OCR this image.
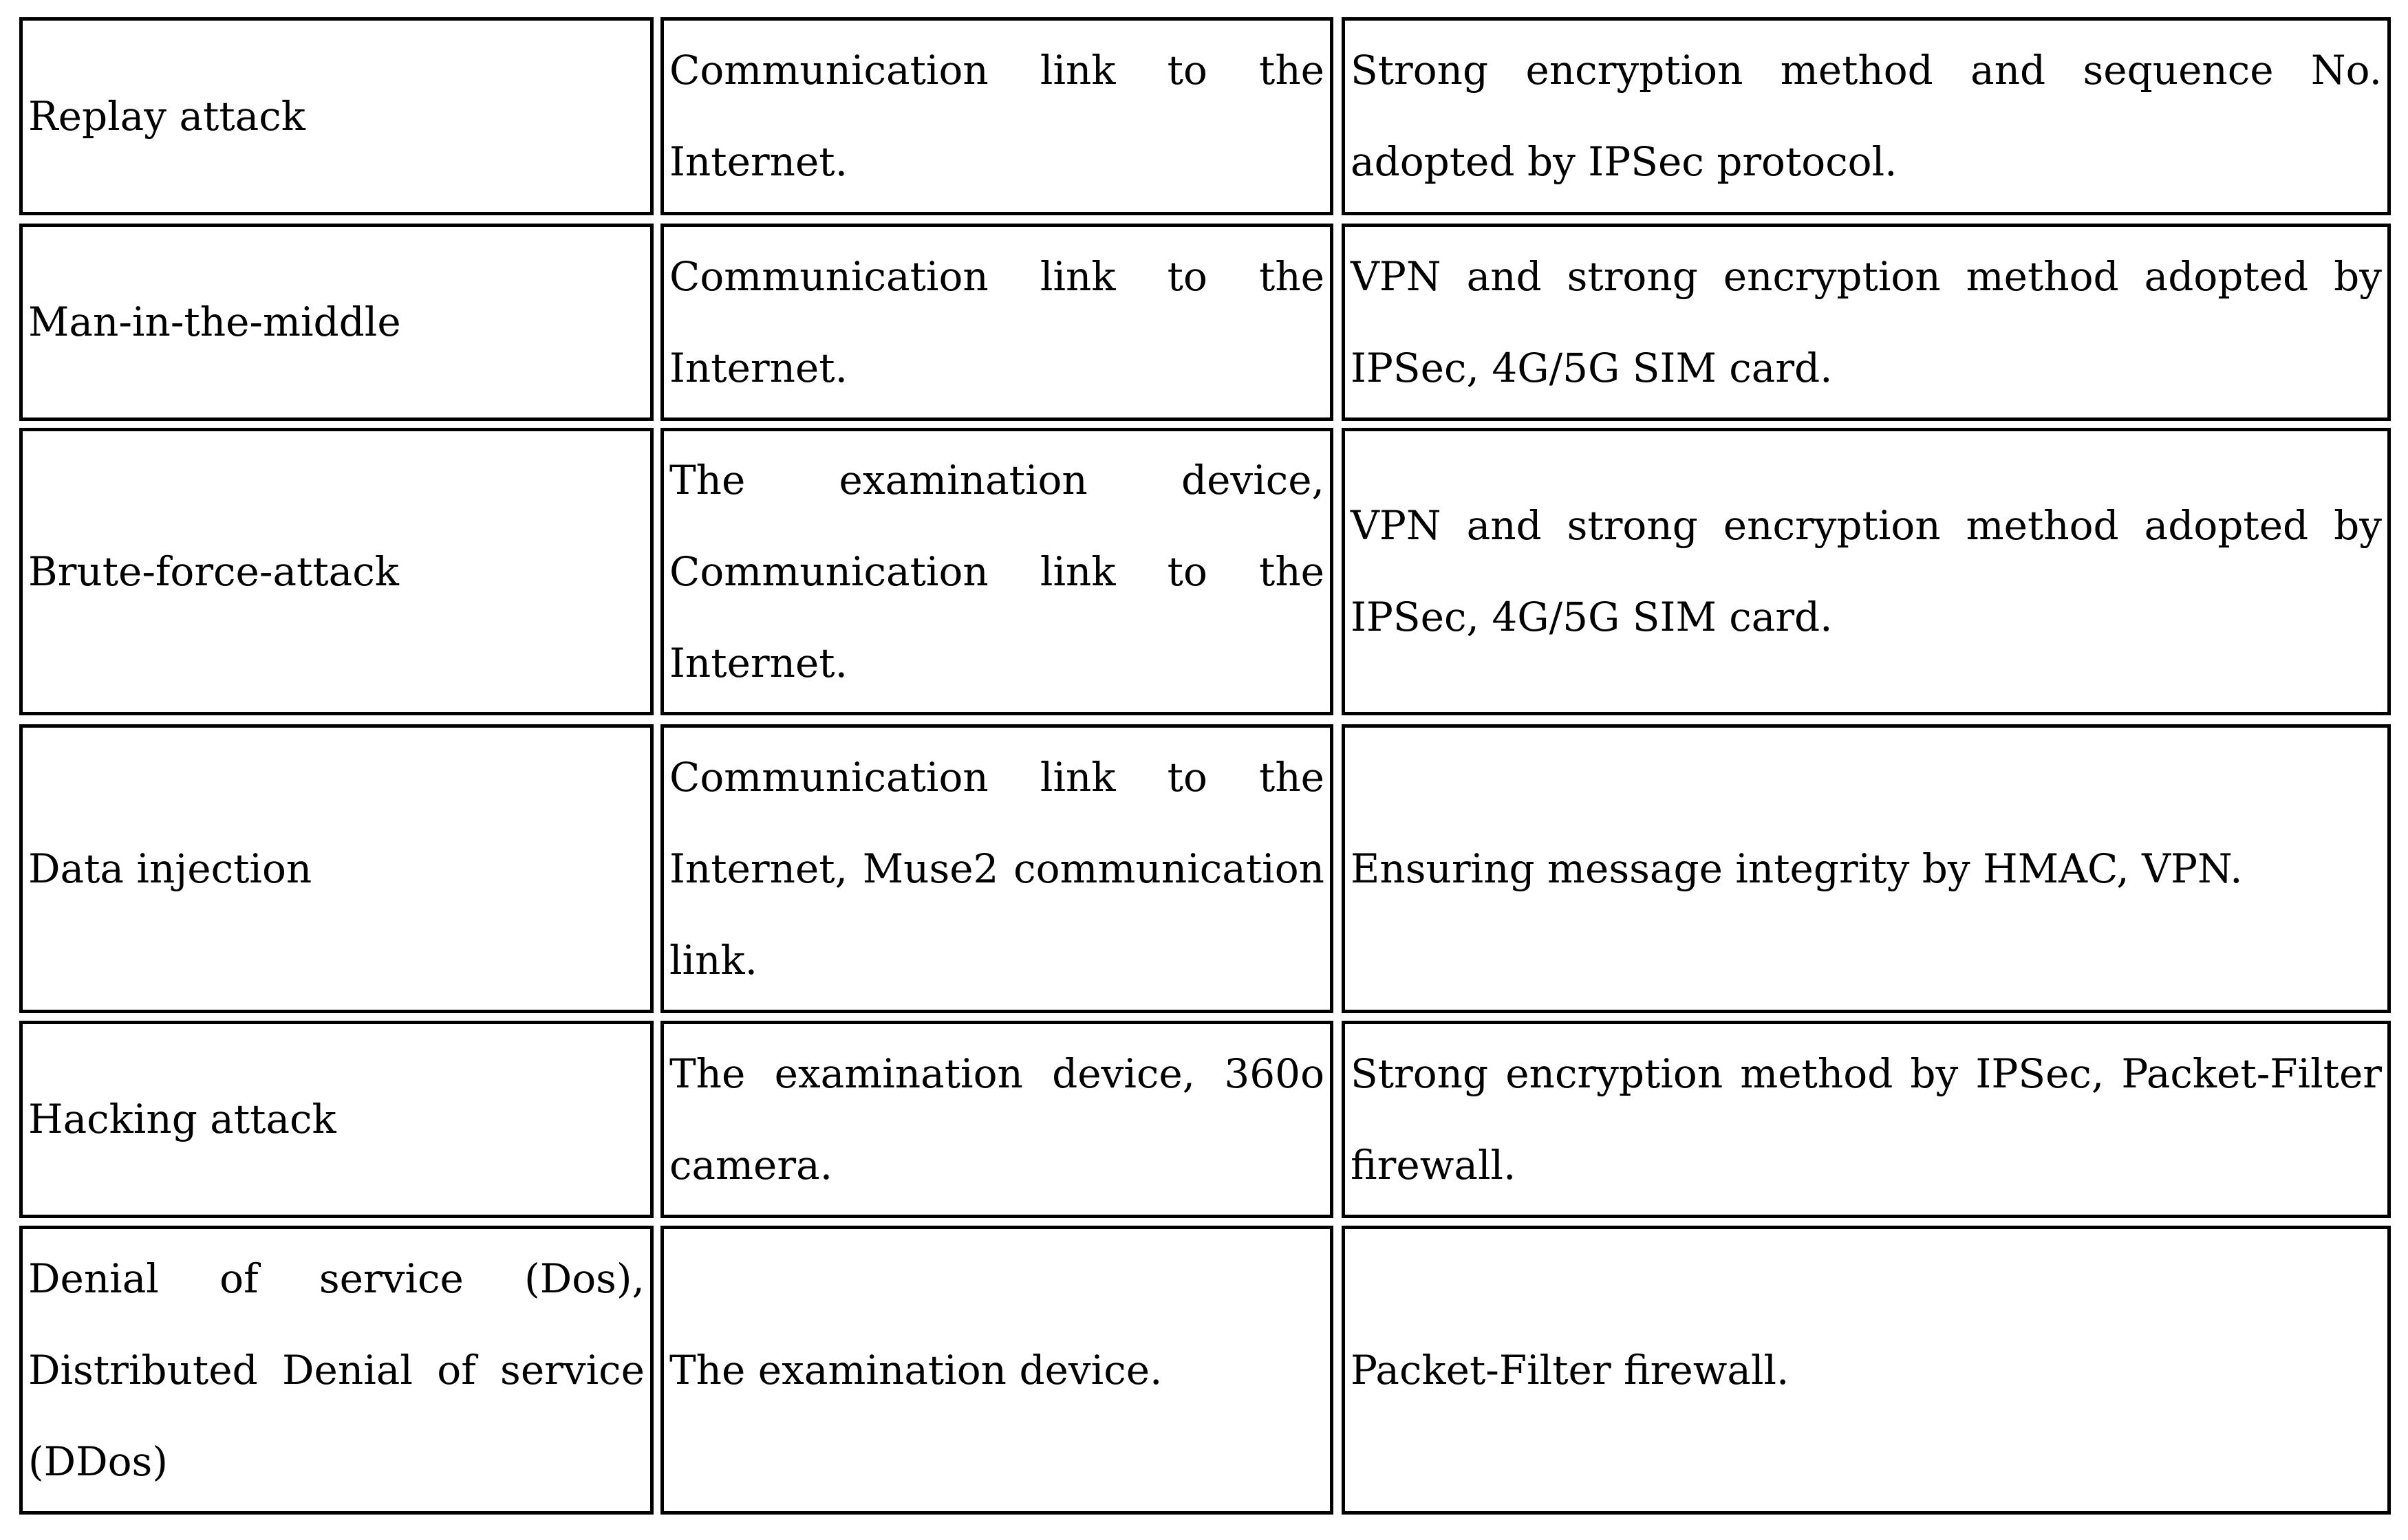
Replay attack
Communication link to the Internet.
Strong encryption method and sequence No. adopted by IPSec protocol.
Man-in-the-middle
Communication link to the Internet.
VPN and strong encryption method adopted by IPSec, 4G/5G SIM card.
Brute-force-attack
The examination device, Communication link to the Internet.
VPN and strong encryption method adopted by IPSec, 4G/5G SIM card.
Data injection
Communication link to the Internet, Muse2 communication link.
Ensuring message integrity by HMAC, VPN.
Hacking attack
The examination device, 360o camera.
Strong encryption method by IPSec, Packet-Filter firewall.
Denial of service (Dos), Distributed Denial of service (DDos)
The examination device.	Packet-Filter firewall.
